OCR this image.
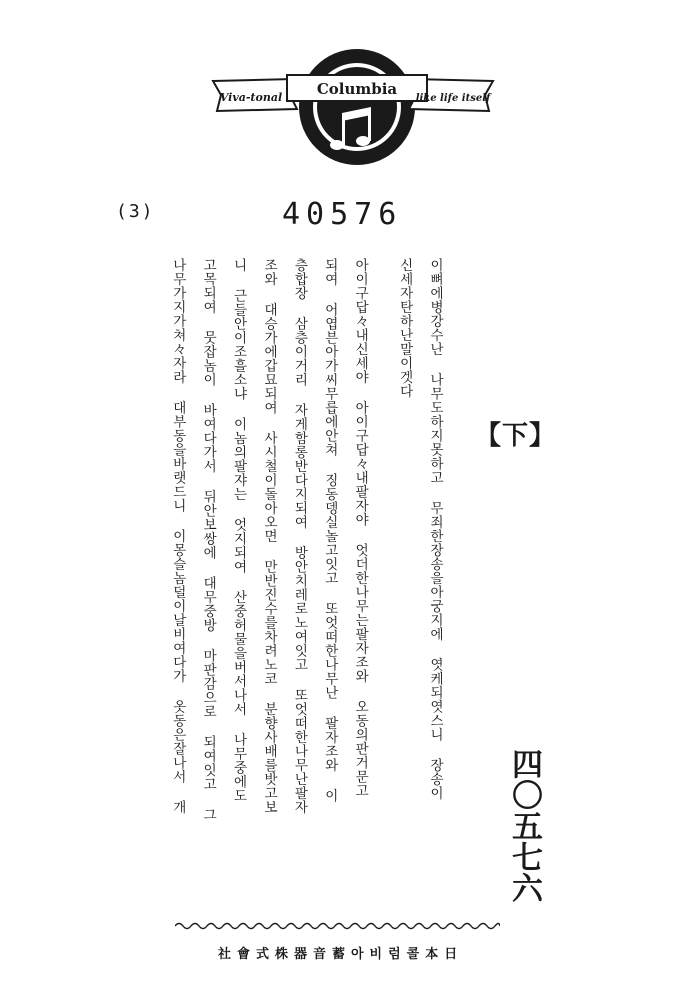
Viva-tonal	like life itself
Columbia
(3)	40576
【下】
四〇五七六
이뼈에병강수난 나무도하지못하고 무죄한장송을아궁지에 엿케되엿스니 장송이
신세자탄하난말이겟다
아이구답々내신세야 아이구답々내팔자야 엇더한나무는팔자조와 오동의판거문고
되여 어엽븐아가씨무릅에안쳐 징동뎅실놀고잇고 또엇떠한나무난 팔자조와 이
층합장 삼층이거리 자게함롱반다지되여 방안치레로노여잇고 또엇떠한나무난팔자
조와 대승가에갑묘되여 사시철이돌아오면 만반진수를차려노코 분향사배를밧고보
니 근들안이조흘소냐 이놈의팔쟈는 엇지되여 산중허물을버서나서 나무중에도
고목되여 뭇잡놈이 바여다가서 뒤안보쌍에 대무중방 마판감으로 되여잇고 그
나무가지가쳐々자라 대부동을바랫드니 이몽슬놈덜이날비여다가 옷동은잘나서 개
日本콜럼비아蓄音器株式會社
